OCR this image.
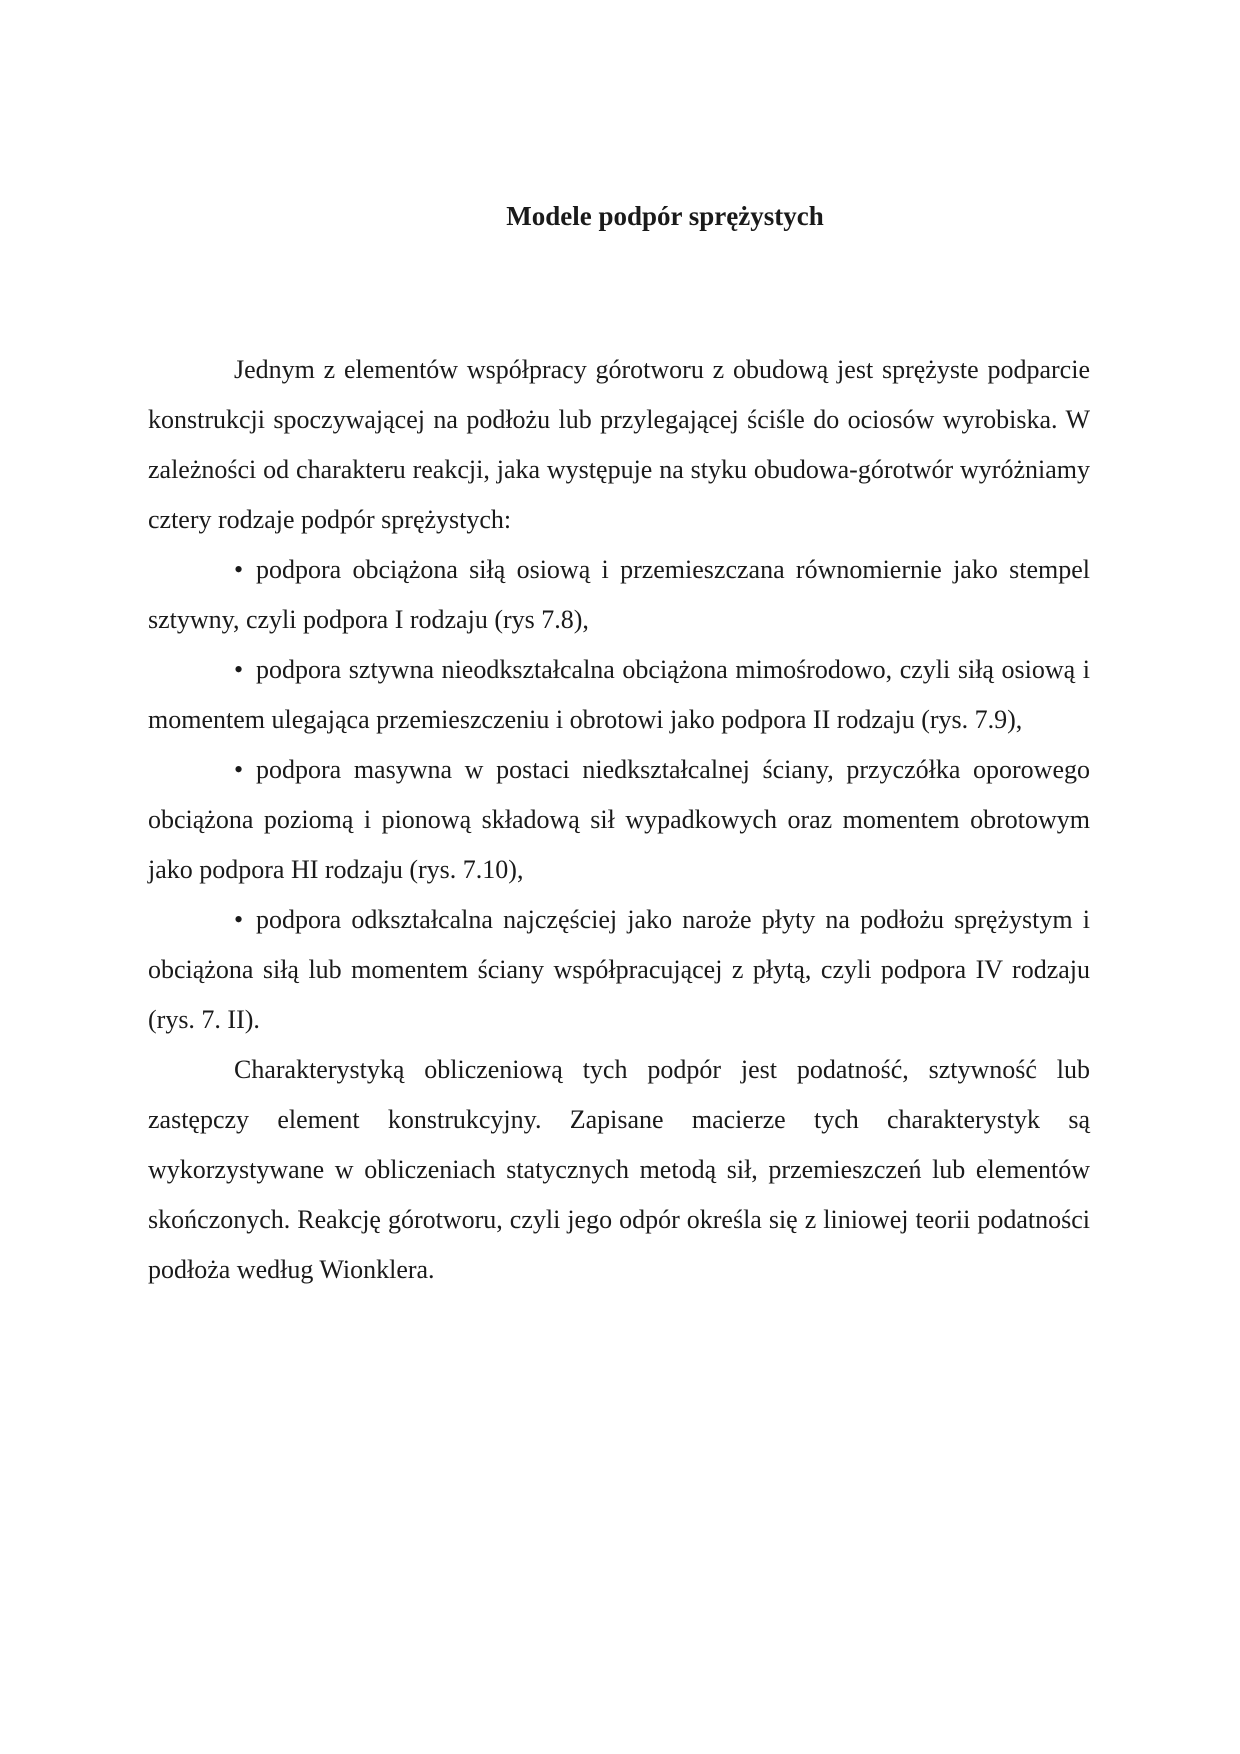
Modele podpór sprężystych

Jednym z elementów współpracy górotworu z obudową jest sprężyste podparcie konstrukcji spoczywającej na podłożu lub przylegającej ściśle do ociosów wyrobiska. W zależności od charakteru reakcji, jaka występuje na styku obudowa-górotwór wyróżniamy cztery rodzaje podpór sprężystych:

• podpora obciążona siłą osiową i przemieszczana równomiernie jako stempel sztywny, czyli podpora I rodzaju (rys 7.8),

• podpora sztywna nieodkształcalna obciążona mimośrodowo, czyli siłą osiową i momentem ulegająca przemieszczeniu i obrotowi jako podpora II rodzaju (rys. 7.9),

• podpora masywna w postaci niedkształcalnej ściany, przyczółka oporowego obciążona poziomą i pionową składową sił wypadkowych oraz momentem obrotowym jako podpora HI rodzaju (rys. 7.10),

• podpora odkształcalna najczęściej jako naroże płyty na podłożu sprężystym i obciążona siłą lub momentem ściany współpracującej z płytą, czyli podpora IV rodzaju (rys. 7. II).

Charakterystyką obliczeniową tych podpór jest podatność, sztywność lub zastępczy element konstrukcyjny. Zapisane macierze tych charakterystyk są wykorzystywane w obliczeniach statycznych metodą sił, przemieszczeń lub elementów skończonych. Reakcję górotworu, czyli jego odpór określa się z liniowej teorii podatności podłoża według Wionklera.
